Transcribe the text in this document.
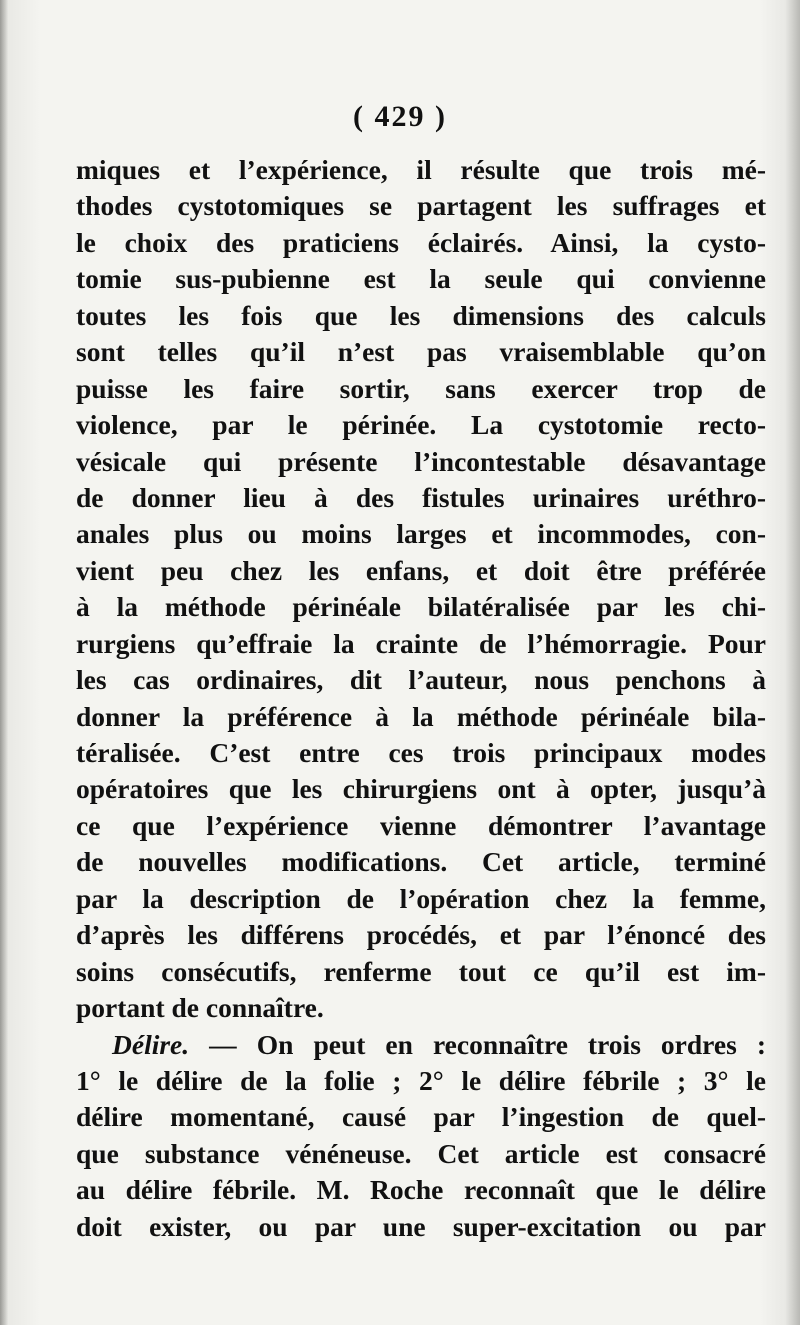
( 429 )
miques et l’expérience, il résulte que trois mé-
thodes cystotomiques se partagent les suffrages et
le choix des praticiens éclairés. Ainsi, la cysto-
tomie sus-pubienne est la seule qui convienne
toutes les fois que les dimensions des calculs
sont telles qu’il n’est pas vraisemblable qu’on
puisse les faire sortir, sans exercer trop de
violence, par le périnée. La cystotomie recto-
vésicale qui présente l’incontestable désavantage
de donner lieu à des fistules urinaires uréthro-
anales plus ou moins larges et incommodes, con-
vient peu chez les enfans, et doit être préférée
à la méthode périnéale bilatéralisée par les chi-
rurgiens qu’effraie la crainte de l’hémorragie. Pour
les cas ordinaires, dit l’auteur, nous penchons à
donner la préférence à la méthode périnéale bila-
téralisée. C’est entre ces trois principaux modes
opératoires que les chirurgiens ont à opter, jusqu’à
ce que l’expérience vienne démontrer l’avantage
de nouvelles modifications. Cet article, terminé
par la description de l’opération chez la femme,
d’après les différens procédés, et par l’énoncé des
soins consécutifs, renferme tout ce qu’il est im-
portant de connaître.
Délire. — On peut en reconnaître trois ordres :
1° le délire de la folie ; 2° le délire fébrile ; 3° le
délire momentané, causé par l’ingestion de quel-
que substance vénéneuse. Cet article est consacré
au délire fébrile. M. Roche reconnaît que le délire
doit exister, ou par une super-excitation ou par
